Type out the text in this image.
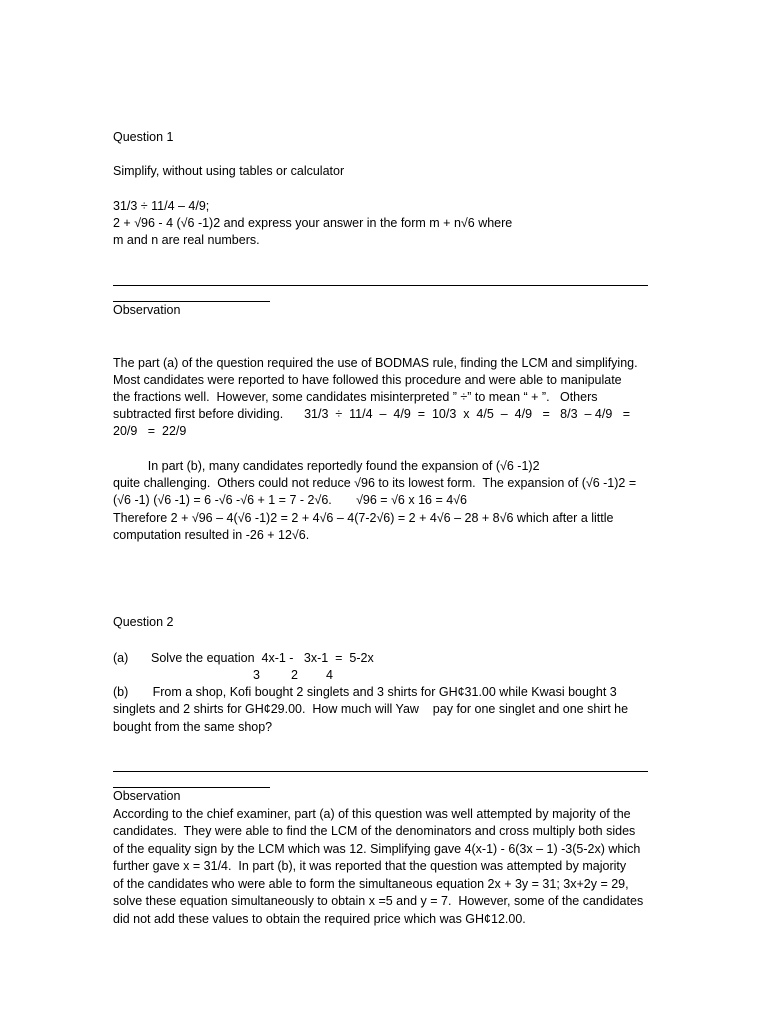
Question 1
Simplify, without using tables or calculator
31/3 ÷ 11/4 – 4/9;
2 + √96 - 4 (√6 -1)2 and express your answer in the form m + n√6 where
m and n are real numbers.
Observation
The part (a) of the question required the use of BODMAS rule, finding the LCM and simplifying.
Most candidates were reported to have followed this procedure and were able to manipulate
the fractions well.  However, some candidates misinterpreted ” ÷” to mean “ + ”.   Others
subtracted first before dividing.      31/3  ÷  11/4  –  4/9  =  10/3  x  4/5  –  4/9   =   8/3  – 4/9   =
20/9   =  22/9
In part (b), many candidates reportedly found the expansion of (√6 -1)2
quite challenging.  Others could not reduce √96 to its lowest form.  The expansion of (√6 -1)2 =
(√6 -1) (√6 -1) = 6 -√6 -√6 + 1 = 7 - 2√6.       √96 = √6 x 16 = 4√6
Therefore 2 + √96 – 4(√6 -1)2 = 2 + 4√6 – 4(7-2√6) = 2 + 4√6 – 28 + 8√6 which after a little
computation resulted in -26 + 12√6.
Question 2
(a) Solve the equation  4x-1 -   3x-1  =  5-2x
3 2 4
(b)       From a shop, Kofi bought 2 singlets and 3 shirts for GH¢31.00 while Kwasi bought 3
singlets and 2 shirts for GH¢29.00.  How much will Yaw    pay for one singlet and one shirt he
bought from the same shop?
Observation
According to the chief examiner, part (a) of this question was well attempted by majority of the
candidates.  They were able to find the LCM of the denominators and cross multiply both sides
of the equality sign by the LCM which was 12. Simplifying gave 4(x-1) - 6(3x – 1) -3(5-2x) which
further gave x = 31/4.  In part (b), it was reported that the question was attempted by majority
of the candidates who were able to form the simultaneous equation 2x + 3y = 31; 3x+2y = 29,
solve these equation simultaneously to obtain x =5 and y = 7.  However, some of the candidates
did not add these values to obtain the required price which was GH¢12.00.
